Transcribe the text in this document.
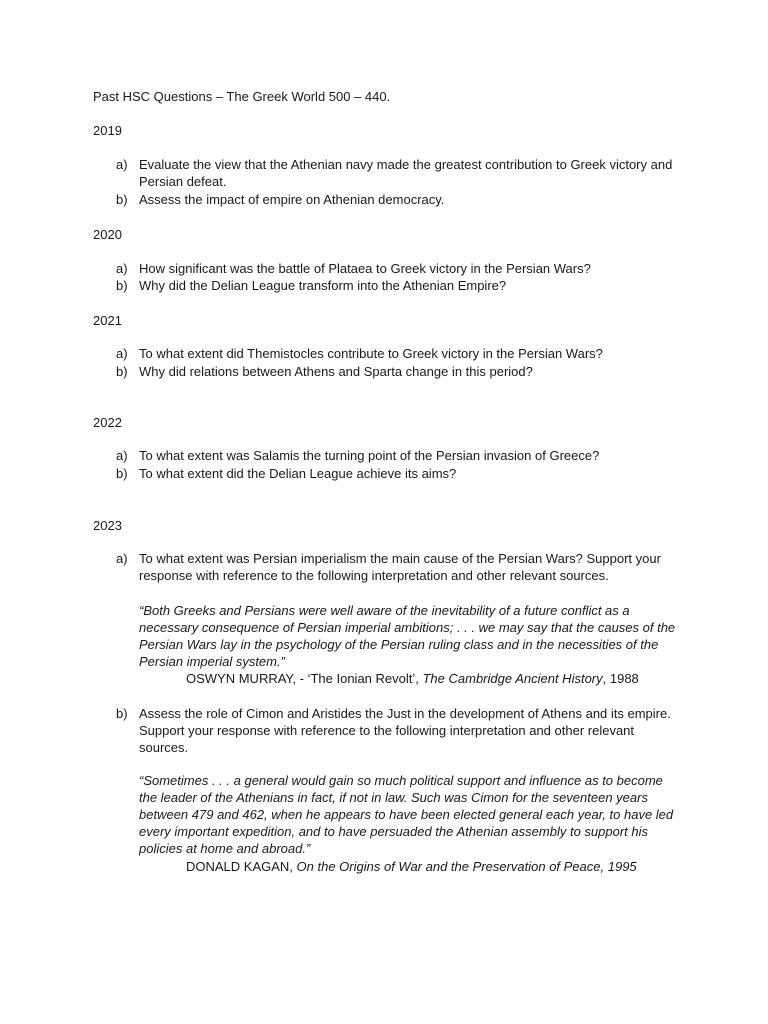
Past HSC Questions – The Greek World 500 – 440.
2019
a) Evaluate the view that the Athenian navy made the greatest contribution to Greek victory and Persian defeat.
b) Assess the impact of empire on Athenian democracy.
2020
a) How significant was the battle of Plataea to Greek victory in the Persian Wars?
b) Why did the Delian League transform into the Athenian Empire?
2021
a) To what extent did Themistocles contribute to Greek victory in the Persian Wars?
b) Why did relations between Athens and Sparta change in this period?
2022
a) To what extent was Salamis the turning point of the Persian invasion of Greece?
b) To what extent did the Delian League achieve its aims?
2023
a) To what extent was Persian imperialism the main cause of the Persian Wars? Support your response with reference to the following interpretation and other relevant sources.
“Both Greeks and Persians were well aware of the inevitability of a future conflict as a necessary consequence of Persian imperial ambitions; . . . we may say that the causes of the Persian Wars lay in the psychology of the Persian ruling class and in the necessities of the Persian imperial system.”
OSWYN MURRAY, - ‘The Ionian Revolt’, The Cambridge Ancient History, 1988
b) Assess the role of Cimon and Aristides the Just in the development of Athens and its empire. Support your response with reference to the following interpretation and other relevant sources.
“Sometimes . . . a general would gain so much political support and influence as to become the leader of the Athenians in fact, if not in law. Such was Cimon for the seventeen years between 479 and 462, when he appears to have been elected general each year, to have led every important expedition, and to have persuaded the Athenian assembly to support his policies at home and abroad.”
DONALD KAGAN, On the Origins of War and the Preservation of Peace, 1995
